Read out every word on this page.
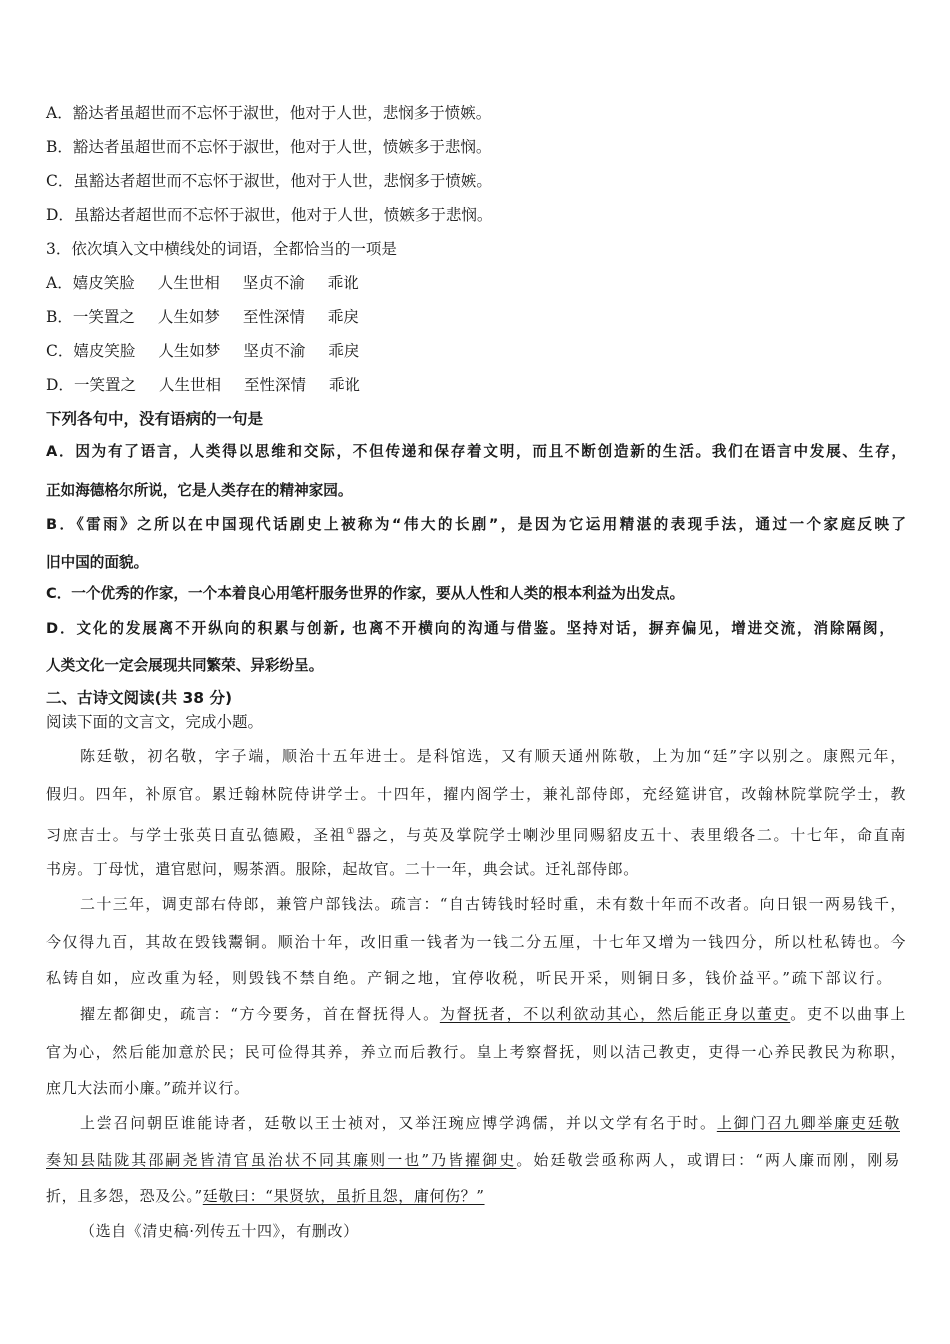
A．豁达者虽超世而不忘怀于淑世，他对于人世，悲悯多于愤嫉。
B．豁达者虽超世而不忘怀于淑世，他对于人世，愤嫉多于悲悯。
C．虽豁达者超世而不忘怀于淑世，他对于人世，悲悯多于愤嫉。
D．虽豁达者超世而不忘怀于淑世，他对于人世，愤嫉多于悲悯。
3．依次填入文中横线处的词语，全都恰当的一项是
A．嬉皮笑脸 人生世相 坚贞不渝 乖讹
B．一笑置之 人生如梦 至性深情 乖戾
C．嬉皮笑脸 人生如梦 坚贞不渝 乖戾
D．一笑置之 人生世相 至性深情 乖讹
下列各句中，没有语病的一句是
A．因为有了语言，人类得以思维和交际，不但传递和保存着文明，而且不断创造新的生活。我们在语言中发展、生存，
正如海德格尔所说，它是人类存在的精神家园。
B．《雷雨》之所以在中国现代话剧史上被称为“伟大的长剧”，是因为它运用精湛的表现手法，通过一个家庭反映了
旧中国的面貌。
C．一个优秀的作家，一个本着良心用笔杆服务世界的作家，要从人性和人类的根本利益为出发点。
D．文化的发展离不开纵向的积累与创新, 也离不开横向的沟通与借鉴。坚持对话，摒弃偏见，增进交流，消除隔阂，
人类文化一定会展现共同繁荣、异彩纷呈。
二、古诗文阅读(共 38 分)
阅读下面的文言文，完成小题。
陈廷敬，初名敬，字子端，顺治十五年进士。是科馆选，又有顺天通州陈敬，上为加“廷”字以别之。康熙元年，
假归。四年，补原官。累迁翰林院侍讲学士。十四年，擢内阁学士，兼礼部侍郎，充经筵讲官，改翰林院掌院学士，教
习庶吉士。与学士张英日直弘德殿，圣祖①器之，与英及掌院学士喇沙里同赐貂皮五十、表里缎各二。十七年，命直南
书房。丁母忧，遣官慰问，赐茶酒。服除，起故官。二十一年，典会试。迁礼部侍郎。
二十三年，调吏部右侍郎，兼管户部钱法。疏言：“自古铸钱时轻时重，未有数十年而不改者。向日银一两易钱千，
今仅得九百，其故在毁钱鬻铜。顺治十年，改旧重一钱者为一钱二分五厘，十七年又增为一钱四分，所以杜私铸也。今
私铸自如，应改重为轻，则毁钱不禁自绝。产铜之地，宜停收税，听民开采，则铜日多，钱价益平。”疏下部议行。
擢左都御史，疏言：“方今要务，首在督抚得人。为督抚者，不以利欲动其心，然后能正身以董吏。吏不以曲事上
官为心，然后能加意於民；民可俭得其养，养立而后教行。皇上考察督抚，则以洁己教吏，吏得一心养民教民为称职，
庶几大法而小廉。”疏并议行。
上尝召问朝臣谁能诗者，廷敬以王士祯对，又举汪琬应博学鸿儒，并以文学有名于时。上御门召九卿举廉吏廷敬
奏知县陆陇其邵嗣尧皆清官虽治状不同其廉则一也”乃皆擢御史。始廷敬尝亟称两人，或谓曰：“两人廉而刚，刚易
折，且多怨，恐及公。”廷敬曰：“果贤欤，虽折且怨，庸何伤？”
（选自《清史稿·列传五十四》，有删改）
